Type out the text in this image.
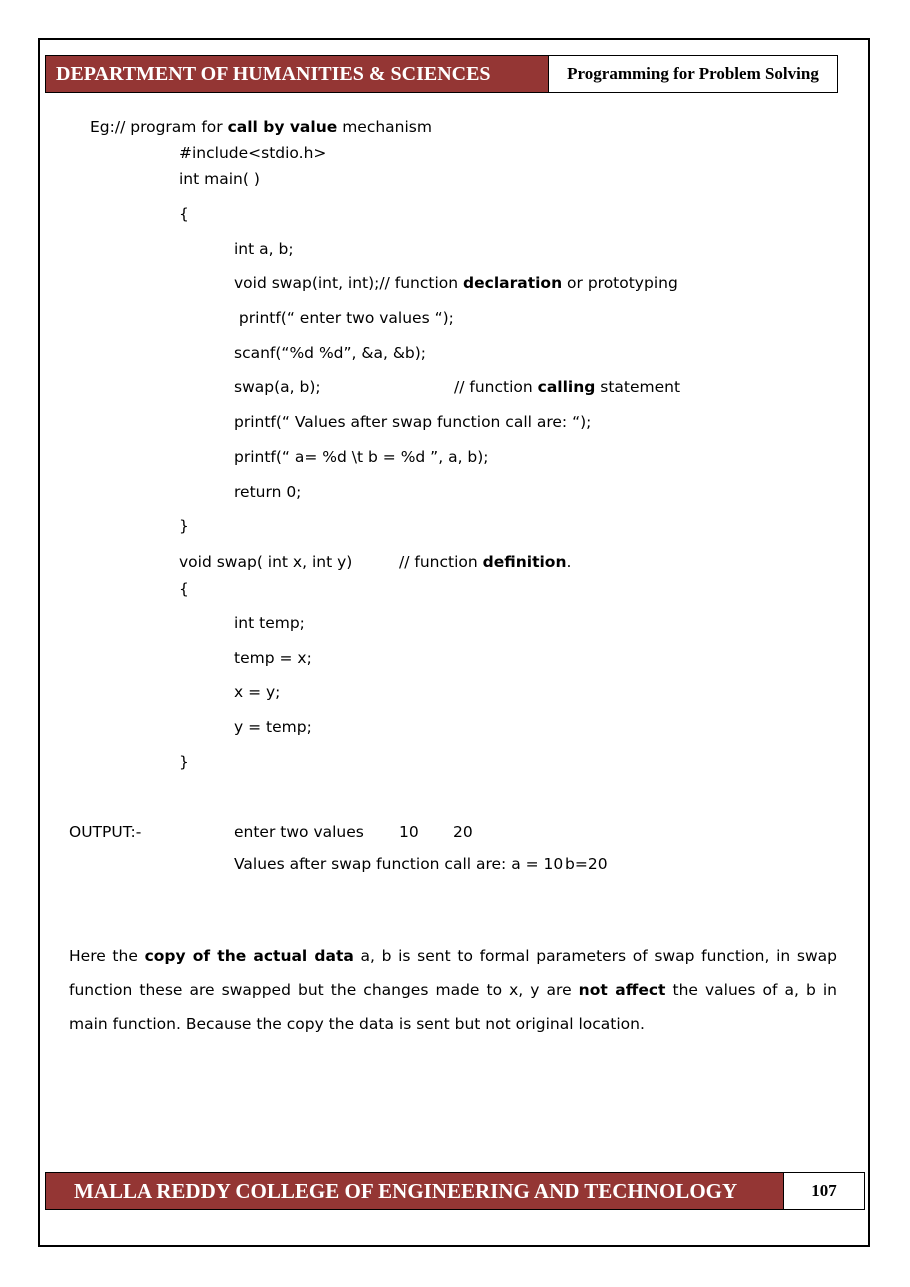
DEPARTMENT OF HUMANITIES & SCIENCES	Programming for Problem Solving
Eg:// program for call by value mechanism
#include<stdio.h>
int main( )
{
int a, b;
void swap(int, int);// function declaration or prototyping
printf(“ enter two values “);
scanf(“%d %d”, &a, &b);
swap(a, b);	// function calling statement
printf(“ Values after swap function call are: “);
printf(“ a= %d \t b = %d ”, a, b);
return 0;
}
void swap( int x, int y)	// function definition.
{
int temp;
temp = x;
x = y;
y = temp;
}
OUTPUT:-	enter two values 10 20
Values after swap function call are: a = 10 b=20
Here the copy of the actual data a, b is sent to formal parameters of swap function, in swap function these are swapped but the changes made to x, y are not affect the values of a, b in main function. Because the copy the data is sent but not original location.
MALLA REDDY COLLEGE OF ENGINEERING AND TECHNOLOGY	107
